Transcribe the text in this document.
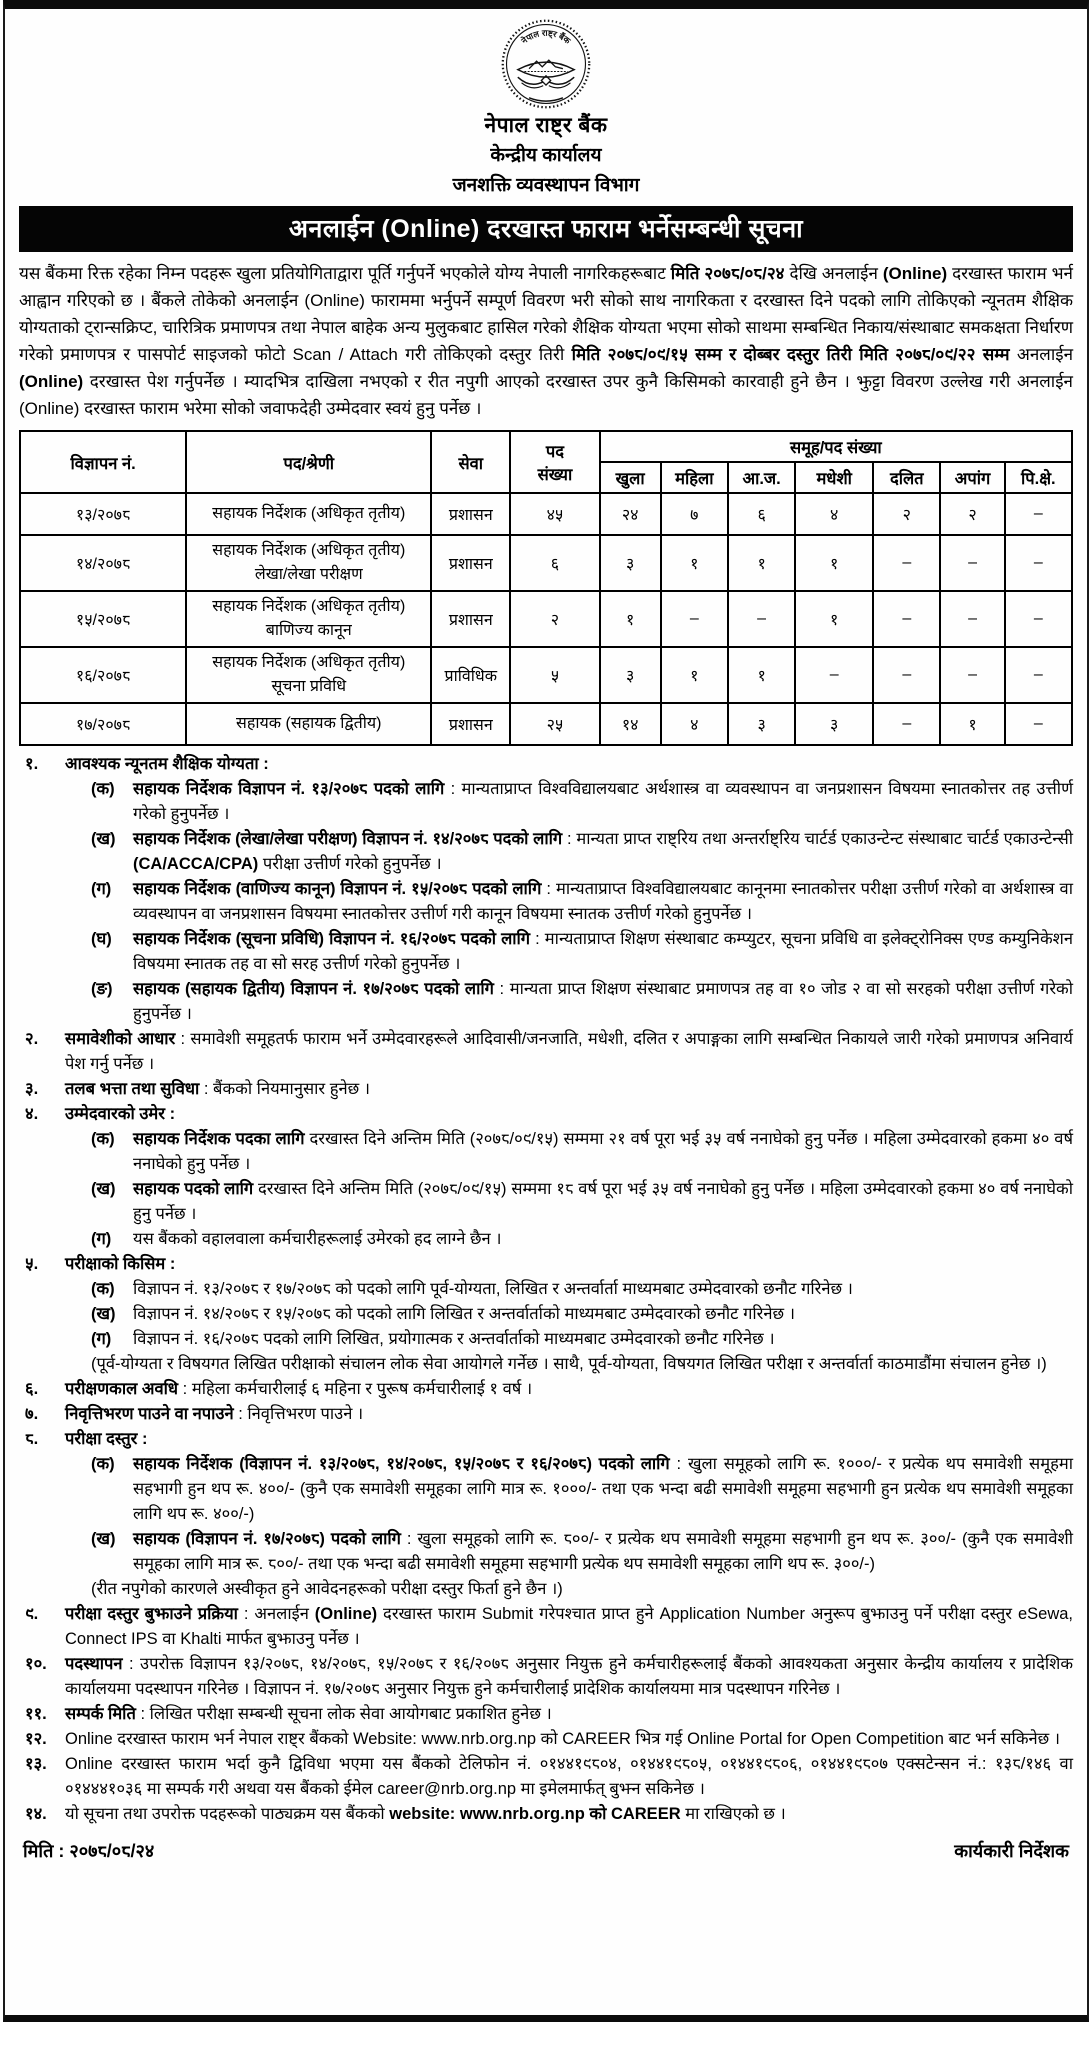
नेपाल राष्ट्र बैंक
नेपाल राष्ट्र बैंक
केन्द्रीय कार्यालय
जनशक्ति व्यवस्थापन विभाग
अनलाईन (Online) दरखास्त फाराम भर्नेसम्बन्धी सूचना

यस बैंकमा रिक्त रहेका निम्न पदहरू खुला प्रतियोगिताद्वारा पूर्ति गर्नुपर्ने भएकोले योग्य नेपाली नागरिकहरूबाट मिति २०७८/०८/२४ देखि अनलाईन (Online) दरखास्त फाराम भर्न आह्वान गरिएको छ । बैंकले तोकेको अनलाईन (Online) फाराममा भर्नुपर्ने सम्पूर्ण विवरण भरी सोको साथ नागरिकता र दरखास्त दिने पदको लागि तोकिएको न्यूनतम शैक्षिक योग्यताको ट्रान्सक्रिप्ट, चारित्रिक प्रमाणपत्र तथा नेपाल बाहेक अन्य मुलुकबाट हासिल गरेको शैक्षिक योग्यता भएमा सोको साथमा सम्बन्धित निकाय/संस्थाबाट समकक्षता निर्धारण गरेको प्रमाणपत्र र पासपोर्ट साइजको फोटो Scan / Attach गरी तोकिएको दस्तुर तिरी मिति २०७८/०९/१५ सम्म र दोब्बर दस्तुर तिरी मिति २०७८/०९/२२ सम्म अनलाईन (Online) दरखास्त पेश गर्नुपर्नेछ । म्यादभित्र दाखिला नभएको र रीत नपुगी आएको दरखास्त उपर कुनै किसिमको कारवाही हुने छैन । झुट्टा विवरण उल्लेख गरी अनलाईन (Online) दरखास्त फाराम भरेमा सोको जवाफदेही उम्मेदवार स्वयं हुनु पर्नेछ ।

विज्ञापन नं.	पद/श्रेणी	सेवा	पद
संख्या	समूह/पद संख्या						
				खुला	महिला	आ.ज.	मधेशी	दलित	अपांग	पि.क्षे.
१३/२०७८	सहायक निर्देशक (अधिकृत तृतीय)	प्रशासन	४५	२४	७	६	४	२	२	–
१४/२०७८	सहायक निर्देशक (अधिकृत तृतीय)
लेखा/लेखा परीक्षण	प्रशासन	६	३	१	१	१	–	–	–
१५/२०७८	सहायक निर्देशक (अधिकृत तृतीय)
बाणिज्य कानून	प्रशासन	२	१	–	–	१	–	–	–
१६/२०७८	सहायक निर्देशक (अधिकृत तृतीय)
सूचना प्रविधि	प्राविधिक	५	३	१	१	–	–	–	–
१७/२०७८	सहायक (सहायक द्वितीय)	प्रशासन	२५	१४	४	३	३	–	१	–
१.	आवश्यक न्यूनतम शैक्षिक योग्यता :
(क)	सहायक निर्देशक विज्ञापन नं. १३/२०७८ पदको लागि : मान्यताप्राप्त विश्वविद्यालयबाट अर्थशास्त्र वा व्यवस्थापन वा जनप्रशासन विषयमा स्नातकोत्तर तह उत्तीर्ण गरेको हुनुपर्नेछ ।
(ख)	सहायक निर्देशक (लेखा/लेखा परीक्षण) विज्ञापन नं. १४/२०७८ पदको लागि : मान्यता प्राप्त राष्ट्रिय तथा अन्तर्राष्ट्रिय चार्टर्ड एकाउन्टेन्ट संस्थाबाट चार्टर्ड एकाउन्टेन्सी (CA/ACCA/CPA) परीक्षा उत्तीर्ण गरेको हुनुपर्नेछ ।
(ग)	सहायक निर्देशक (वाणिज्य कानून) विज्ञापन नं. १५/२०७८ पदको लागि : मान्यताप्राप्त विश्वविद्यालयबाट कानूनमा स्नातकोत्तर परीक्षा उत्तीर्ण गरेको वा अर्थशास्त्र वा व्यवस्थापन वा जनप्रशासन विषयमा स्नातकोत्तर उत्तीर्ण गरी कानून विषयमा स्नातक उत्तीर्ण गरेको हुनुपर्नेछ ।
(घ)	सहायक निर्देशक (सूचना प्रविधि) विज्ञापन नं. १६/२०७८ पदको लागि : मान्यताप्राप्त शिक्षण संस्थाबाट कम्प्युटर, सूचना प्रविधि वा इलेक्ट्रोनिक्स एण्ड कम्युनिकेशन विषयमा स्नातक तह वा सो सरह उत्तीर्ण गरेको हुनुपर्नेछ ।
(ङ)	सहायक (सहायक द्वितीय) विज्ञापन नं. १७/२०७८ पदको लागि : मान्यता प्राप्त शिक्षण संस्थाबाट प्रमाणपत्र तह वा १० जोड २ वा सो सरहको परीक्षा उत्तीर्ण गरेको हुनुपर्नेछ ।
२.	समावेशीको आधार : समावेशी समूहतर्फ फाराम भर्ने उम्मेदवारहरूले आदिवासी/जनजाति, मधेशी, दलित र अपाङ्गका लागि सम्बन्धित निकायले जारी गरेको प्रमाणपत्र अनिवार्य पेश गर्नु पर्नेछ ।
३.	तलब भत्ता तथा सुविधा : बैंकको नियमानुसार हुनेछ ।
४.	उम्मेदवारको उमेर :
(क)	सहायक निर्देशक पदका लागि दरखास्त दिने अन्तिम मिति (२०७८/०९/१५) सम्ममा २१ वर्ष पूरा भई ३५ वर्ष ननाघेको हुनु पर्नेछ । महिला उम्मेदवारको हकमा ४० वर्ष ननाघेको हुनु पर्नेछ ।
(ख)	सहायक पदको लागि दरखास्त दिने अन्तिम मिति (२०७८/०९/१५) सम्ममा १८ वर्ष पूरा भई ३५ वर्ष ननाघेको हुनु पर्नेछ । महिला उम्मेदवारको हकमा ४० वर्ष ननाघेको हुनु पर्नेछ ।
(ग)	यस बैंकको वहालवाला कर्मचारीहरूलाई उमेरको हद लाग्ने छैन ।
५.	परीक्षाको किसिम :
(क)	विज्ञापन नं. १३/२०७८ र १७/२०७८ को पदको लागि पूर्व-योग्यता, लिखित र अन्तर्वार्ता माध्यमबाट उम्मेदवारको छनौट गरिनेछ ।
(ख)	विज्ञापन नं. १४/२०७८ र १५/२०७८ को पदको लागि लिखित र अन्तर्वार्ताको माध्यमबाट उम्मेदवारको छनौट गरिनेछ ।
(ग)	विज्ञापन नं. १६/२०७८ पदको लागि लिखित, प्रयोगात्मक र अन्तर्वार्ताको माध्यमबाट उम्मेदवारको छनौट गरिनेछ ।
(पूर्व-योग्यता र विषयगत लिखित परीक्षाको संचालन लोक सेवा आयोगले गर्नेछ । साथै, पूर्व-योग्यता, विषयगत लिखित परीक्षा र अन्तर्वार्ता काठमाडौंमा संचालन हुनेछ ।)
६.	परीक्षणकाल अवधि : महिला कर्मचारीलाई ६ महिना र पुरूष कर्मचारीलाई १ वर्ष ।
७.	निवृत्तिभरण पाउने वा नपाउने : निवृत्तिभरण पाउने ।
८.	परीक्षा दस्तुर :
(क)	सहायक निर्देशक (विज्ञापन नं. १३/२०७८, १४/२०७८, १५/२०७८ र १६/२०७८) पदको लागि : खुला समूहको लागि रू. १०००/- र प्रत्येक थप समावेशी समूहमा सहभागी हुन थप रू. ४००/- (कुनै एक समावेशी समूहका लागि मात्र रू. १०००/- तथा एक भन्दा बढी समावेशी समूहमा सहभागी हुन प्रत्येक थप समावेशी समूहका लागि थप रू. ४००/-)
(ख)	सहायक (विज्ञापन नं. १७/२०७८) पदको लागि : खुला समूहको लागि रू. ८००/- र प्रत्येक थप समावेशी समूहमा सहभागी हुन थप रू. ३००/- (कुनै एक समावेशी समूहका लागि मात्र रू. ८००/- तथा एक भन्दा बढी समावेशी समूहमा सहभागी प्रत्येक थप समावेशी समूहका लागि थप रू. ३००/-)
(रीत नपुगेको कारणले अस्वीकृत हुने आवेदनहरूको परीक्षा दस्तुर फिर्ता हुने छैन ।)
९.	परीक्षा दस्तुर बुझाउने प्रक्रिया : अनलाईन (Online) दरखास्त फाराम Submit गरेपश्चात प्राप्त हुने Application Number अनुरूप बुझाउनु पर्ने परीक्षा दस्तुर eSewa, Connect IPS वा Khalti मार्फत बुझाउनु पर्नेछ ।
१०.	पदस्थापन : उपरोक्त विज्ञापन १३/२०७८, १४/२०७८, १५/२०७८ र १६/२०७८ अनुसार नियुक्त हुने कर्मचारीहरूलाई बैंकको आवश्यकता अनुसार केन्द्रीय कार्यालय र प्रादेशिक कार्यालयमा पदस्थापन गरिनेछ । विज्ञापन नं. १७/२०७८ अनुसार नियुक्त हुने कर्मचारीलाई प्रादेशिक कार्यालयमा मात्र पदस्थापन गरिनेछ ।
११.	सम्पर्क मिति : लिखित परीक्षा सम्बन्धी सूचना लोक सेवा आयोगबाट प्रकाशित हुनेछ ।
१२.	Online दरखास्त फाराम भर्न नेपाल राष्ट्र बैंकको Website: www.nrb.org.np को CAREER भित्र गई Online Portal for Open Competition बाट भर्न सकिनेछ ।
१३.	Online दरखास्त फाराम भर्दा कुनै द्विविधा भएमा यस बैंकको टेलिफोन नं. ०१४४१९८०४, ०१४४१९८०५, ०१४४१९८०६, ०१४४१९८०७ एक्सटेन्सन नं.: १३८/१४६ वा ०१४४४१०३६ मा सम्पर्क गरी अथवा यस बैंकको ईमेल career@nrb.org.np मा इमेलमार्फत् बुझ्न सकिनेछ ।
१४.	यो सूचना तथा उपरोक्त पदहरूको पाठ्यक्रम यस बैंकको website: www.nrb.org.np को CAREER मा राखिएको छ ।
मिति : २०७८/०८/२४	कार्यकारी निर्देशक
